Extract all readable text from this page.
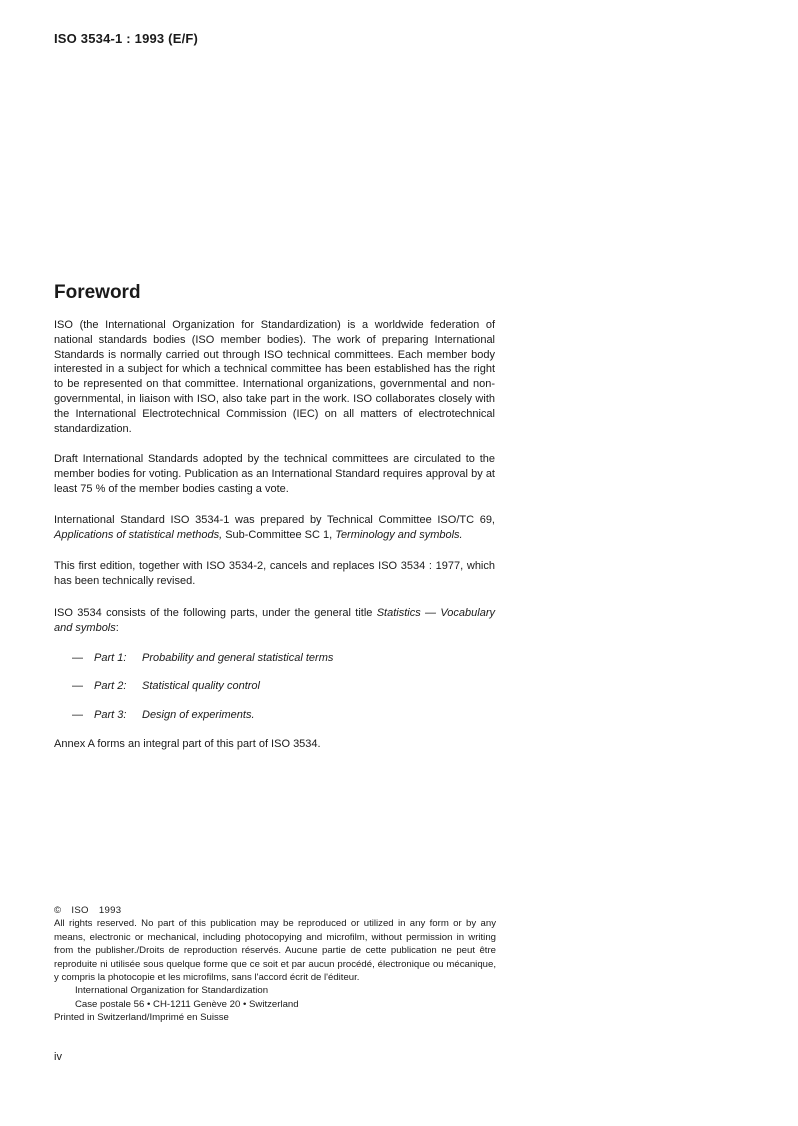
ISO 3534-1 : 1993 (E/F)
Foreword

ISO (the International Organization for Standardization) is a worldwide federation of national standards bodies (ISO member bodies). The work of preparing International Standards is normally carried out through ISO technical committees. Each member body interested in a subject for which a technical committee has been established has the right to be represented on that committee. International organizations, governmental and non-governmental, in liaison with ISO, also take part in the work. ISO collaborates closely with the International Electrotechnical Commission (IEC) on all matters of electrotechnical standardization.

Draft International Standards adopted by the technical committees are circulated to the member bodies for voting. Publication as an International Standard requires approval by at least 75 % of the member bodies casting a vote.

International Standard ISO 3534-1 was prepared by Technical Committee ISO/TC 69, Applications of statistical methods, Sub-Committee SC 1, Terminology and symbols.

This first edition, together with ISO 3534-2, cancels and replaces ISO 3534 : 1977, which has been technically revised.

ISO 3534 consists of the following parts, under the general title Statistics — Vocabulary and symbols:

—	Part 1:	Probability and general statistical terms
—	Part 2:	Statistical quality control
—	Part 3:	Design of experiments.

Annex A forms an integral part of this part of ISO 3534.

© ISO 1993

All rights reserved. No part of this publication may be reproduced or utilized in any form or by any means, electronic or mechanical, including photocopying and microfilm, without permission in writing from the publisher./Droits de reproduction réservés. Aucune partie de cette publication ne peut être reproduite ni utilisée sous quelque forme que ce soit et par aucun procédé, électronique ou mécanique, y compris la photocopie et les microfilms, sans l'accord écrit de l'éditeur.

International Organization for Standardization

Case postale 56 • CH-1211 Genève 20 • Switzerland

Printed in Switzerland/Imprimé en Suisse

iv
